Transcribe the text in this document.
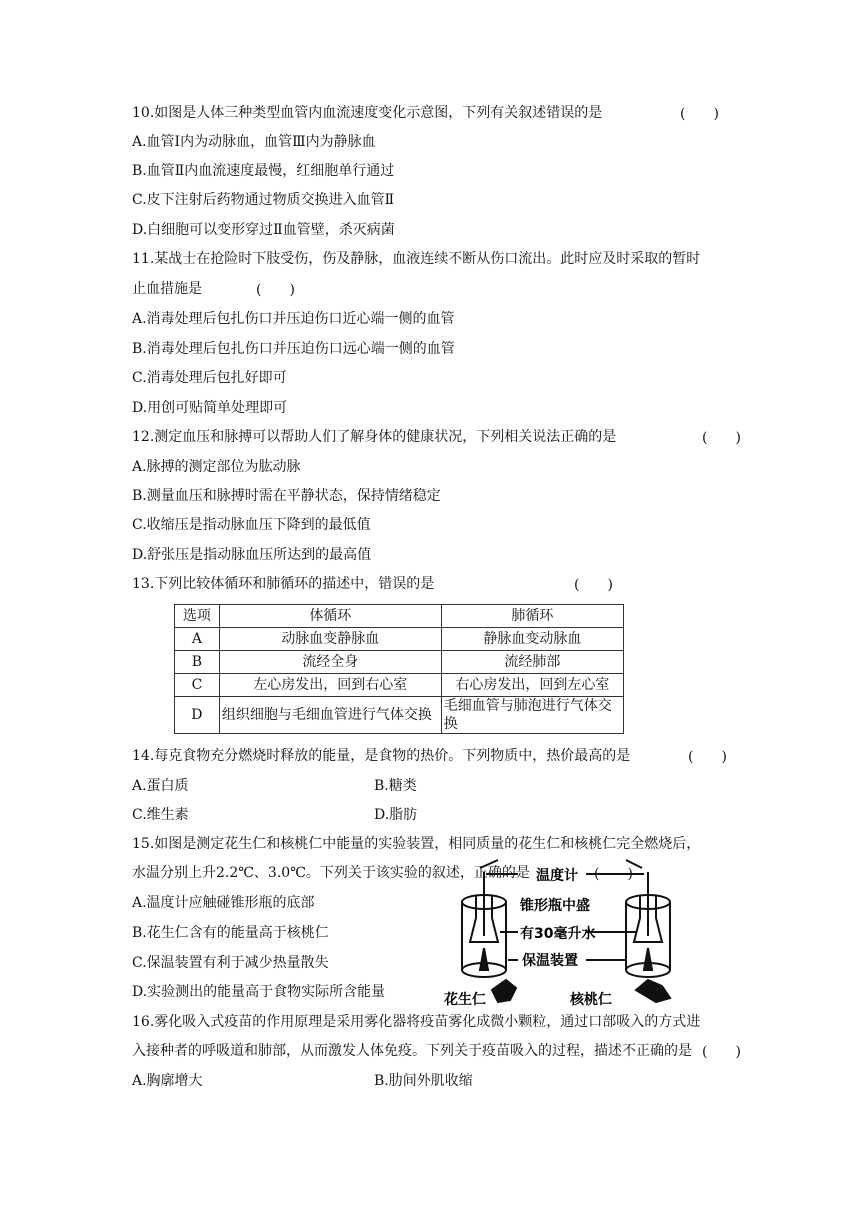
10.如图是人体三种类型血管内血流速度变化示意图，下列有关叙述错误的是	(　　)
A.血管Ⅰ内为动脉血，血管Ⅲ内为静脉血
B.血管Ⅱ内血流速度最慢，红细胞单行通过
C.皮下注射后药物通过物质交换进入血管Ⅱ
D.白细胞可以变形穿过Ⅱ血管壁，杀灭病菌
11.某战士在抢险时下肢受伤，伤及静脉，血液连续不断从伤口流出。此时应及时采取的暂时
止血措施是	(　　)
A.消毒处理后包扎伤口并压迫伤口近心端一侧的血管
B.消毒处理后包扎伤口并压迫伤口远心端一侧的血管
C.消毒处理后包扎好即可
D.用创可贴简单处理即可
12.测定血压和脉搏可以帮助人们了解身体的健康状况，下列相关说法正确的是	(　　)
A.脉搏的测定部位为肱动脉
B.测量血压和脉搏时需在平静状态，保持情绪稳定
C.收缩压是指动脉血压下降到的最低值
D.舒张压是指动脉血压所达到的最高值
13.下列比较体循环和肺循环的描述中，错误的是	(　　)
选项	体循环	肺循环
A	动脉血变静脉血	静脉血变动脉血
B	流经全身	流经肺部
C	左心房发出，回到右心室	右心房发出，回到左心室
D	组织细胞与毛细血管进行气体交换	毛细血管与肺泡进行气体交换
14.每克食物充分燃烧时释放的能量，是食物的热价。下列物质中，热价最高的是	(　　)
A.蛋白质	B.糖类
C.维生素	D.脂肪
15.如图是测定花生仁和核桃仁中能量的实验装置，相同质量的花生仁和核桃仁完全燃烧后，
水温分别上升2.2℃、3.0℃。下列关于该实验的叙述，正确的是	(　　)
A.温度计应触碰锥形瓶的底部
B.花生仁含有的能量高于核桃仁
C.保温装置有利于减少热量散失
D.实验测出的能量高于食物实际所含能量
温度计
锥形瓶中盛
有30毫升水
保温装置
花生仁	核桃仁
16.雾化吸入式疫苗的作用原理是采用雾化器将疫苗雾化成微小颗粒，通过口部吸入的方式进
入接种者的呼吸道和肺部，从而激发人体免疫。下列关于疫苗吸入的过程，描述不正确的是 (　　)
A.胸廓增大	B.肋间外肌收缩
